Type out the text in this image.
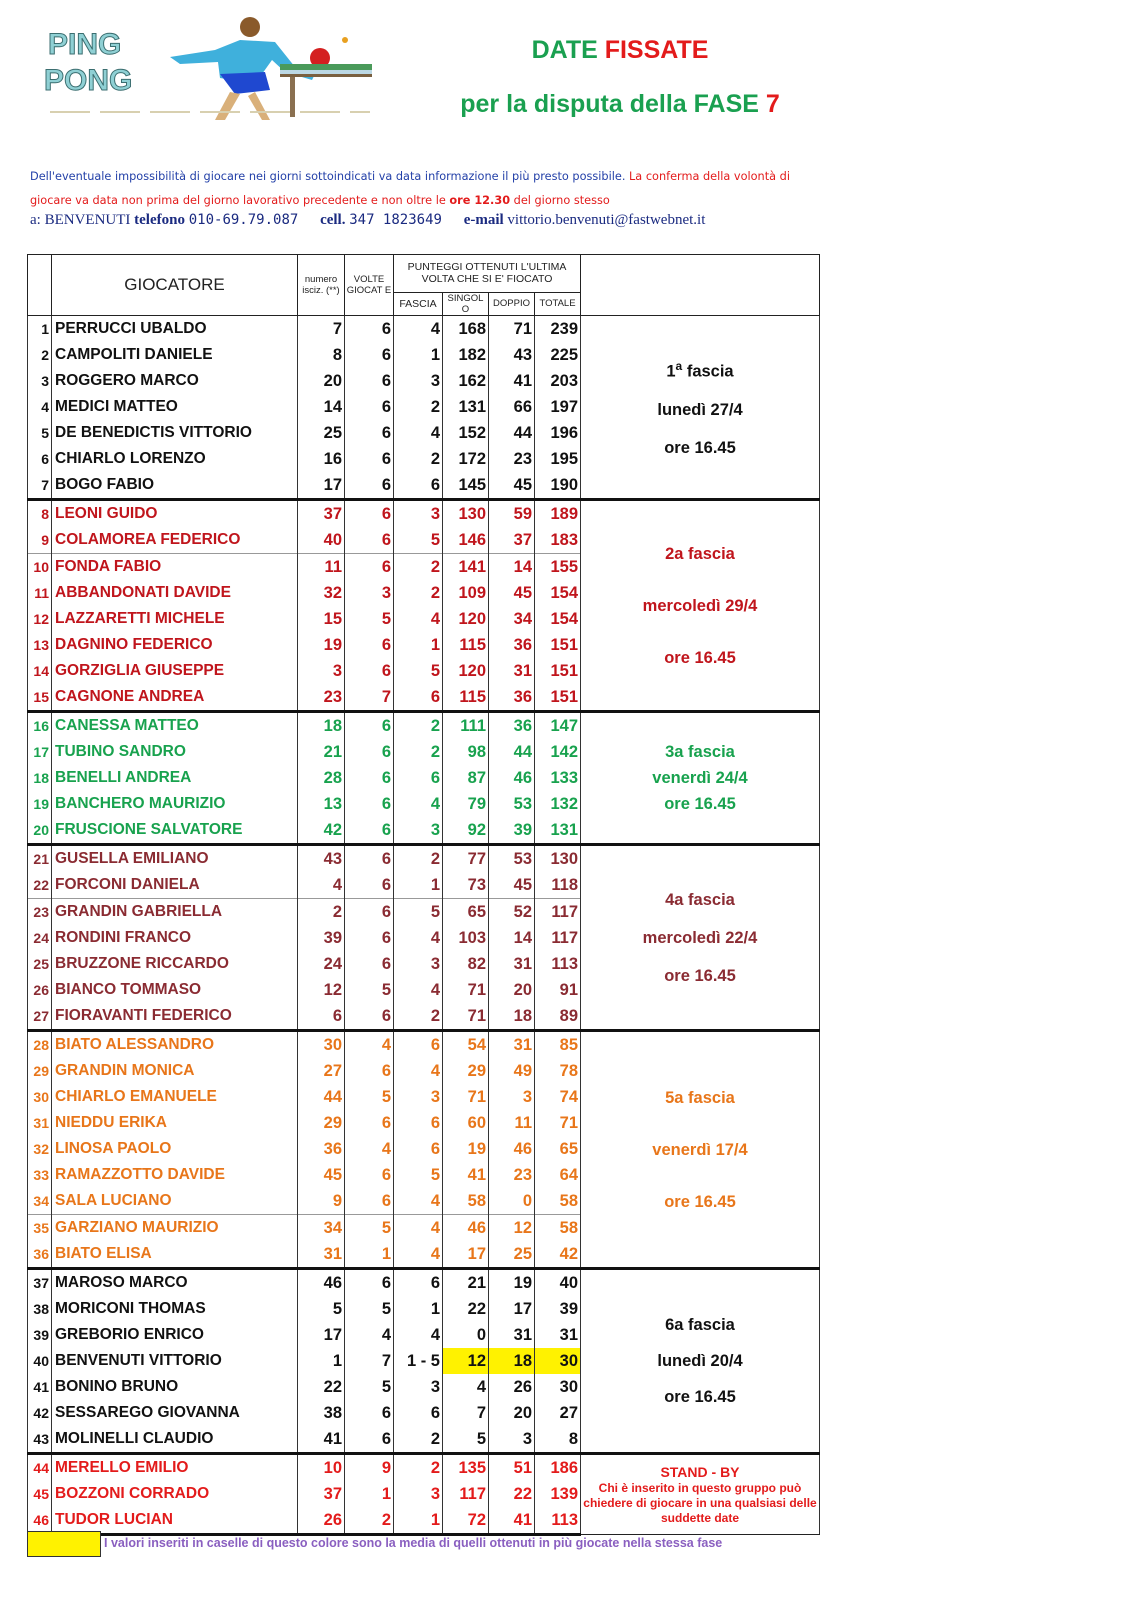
PING
PONG
DATE FISSATE
per la disputa della FASE 7
Dell'eventuale impossibilità di giocare nei giorni sottoindicati va data informazione il più presto possibile. La conferma della volontà di giocare va data non prima del giorno lavorativo precedente e non oltre le ore 12.30 del giorno stesso
a: BENVENUTI telefono 010-69.79.087 cell. 347 1823649 e-mail vittorio.benvenuti@fastwebnet.it
	GIOCATORE	numero isciz. (**)	VOLTE GIOCAT E	PUNTEGGI OTTENUTI L'ULTIMA VOLTA CHE SI E' FIOCATO				
				FASCIA	SINGOL O	DOPPIO	TOTALE	
1	PERRUCCI UBALDO	7	6	4	168	71	239	1$^a$ fascia
lunedì 27/4
ore 16.45

2	CAMPOLITI DANIELE	8	6	1	182	43	225	
3	ROGGERO MARCO	20	6	3	162	41	203	
4	MEDICI MATTEO	14	6	2	131	66	197	
5	DE BENEDICTIS VITTORIO	25	6	4	152	44	196	
6	CHIARLO LORENZO	16	6	2	172	23	195	
7	BOGO FABIO	17	6	6	145	45	190	
8	LEONI GUIDO	37	6	3	130	59	189	2a fascia
mercoledì 29/4
ore 16.45

9	COLAMOREA FEDERICO	40	6	5	146	37	183	
10	FONDA FABIO	11	6	2	141	14	155	
11	ABBANDONATI DAVIDE	32	3	2	109	45	154	
12	LAZZARETTI MICHELE	15	5	4	120	34	154	
13	DAGNINO FEDERICO	19	6	1	115	36	151	
14	GORZIGLIA GIUSEPPE	3	6	5	120	31	151	
15	CAGNONE ANDREA	23	7	6	115	36	151	
16	CANESSA MATTEO	18	6	2	111	36	147	3a fascia
venerdì 24/4
ore 16.45

17	TUBINO SANDRO	21	6	2	98	44	142	
18	BENELLI ANDREA	28	6	6	87	46	133	
19	BANCHERO MAURIZIO	13	6	4	79	53	132	
20	FRUSCIONE SALVATORE	42	6	3	92	39	131	
21	GUSELLA EMILIANO	43	6	2	77	53	130	4a fascia
mercoledì 22/4
ore 16.45

22	FORCONI DANIELA	4	6	1	73	45	118	
23	GRANDIN GABRIELLA	2	6	5	65	52	117	
24	RONDINI FRANCO	39	6	4	103	14	117	
25	BRUZZONE RICCARDO	24	6	3	82	31	113	
26	BIANCO TOMMASO	12	5	4	71	20	91	
27	FIORAVANTI FEDERICO	6	6	2	71	18	89	
28	BIATO ALESSANDRO	30	4	6	54	31	85	5a fascia
venerdì 17/4
ore 16.45

29	GRANDIN MONICA	27	6	4	29	49	78	
30	CHIARLO EMANUELE	44	5	3	71	3	74	
31	NIEDDU ERIKA	29	6	6	60	11	71	
32	LINOSA PAOLO	36	4	6	19	46	65	
33	RAMAZZOTTO DAVIDE	45	6	5	41	23	64	
34	SALA LUCIANO	9	6	4	58	0	58	
35	GARZIANO MAURIZIO	34	5	4	46	12	58	
36	BIATO ELISA	31	1	4	17	25	42	
37	MAROSO MARCO	46	6	6	21	19	40	6a fascia
lunedì 20/4
ore 16.45

38	MORICONI THOMAS	5	5	1	22	17	39	
39	GREBORIO ENRICO	17	4	4	0	31	31	
40	BENVENUTI VITTORIO	1	7	1 - 5	12	18	30	
41	BONINO BRUNO	22	5	3	4	26	30	
42	SESSAREGO GIOVANNA	38	6	6	7	20	27	
43	MOLINELLI CLAUDIO	41	6	2	5	3	8	
44	MERELLO EMILIO	10	9	2	135	51	186	STAND - BY
Chi è inserito in questo gruppo può chiedere di giocare in una qualsiasi delle suddette date

45	BOZZONI CORRADO	37	1	3	117	22	139	
46	TUDOR LUCIAN	26	2	1	72	41	113	
I valori inseriti in caselle di questo colore sono la media di quelli ottenuti in più giocate nella stessa fase
